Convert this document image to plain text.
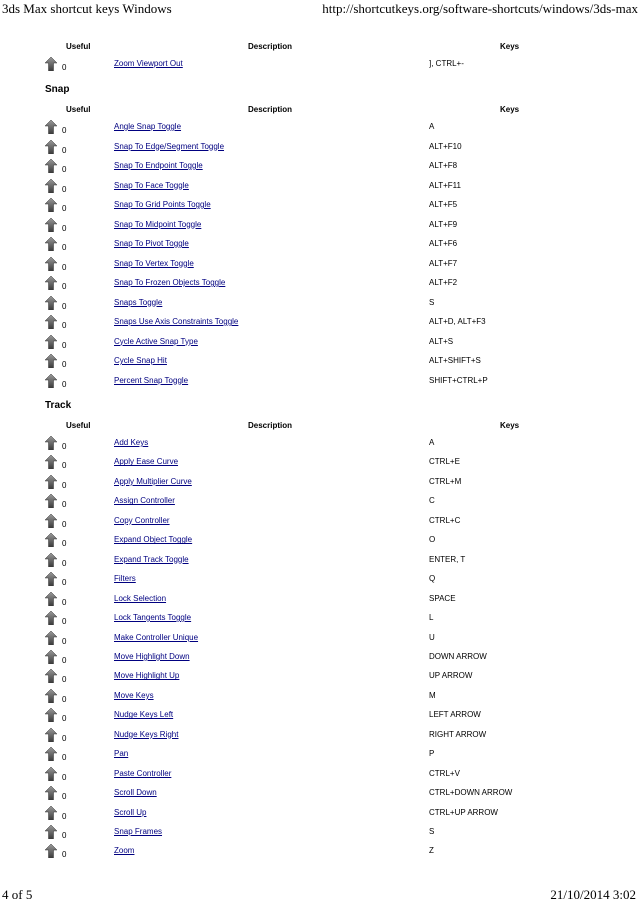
3ds Max shortcut keys Windows	http://shortcutkeys.org/software-shortcuts/windows/3ds-max
Useful	Description	Keys
0	Zoom Viewport Out	], CTRL+-
Snap
Useful	Description	Keys
0	Angle Snap Toggle	A
0	Snap To Edge/Segment Toggle	ALT+F10
0	Snap To Endpoint Toggle	ALT+F8
0	Snap To Face Toggle	ALT+F11
0	Snap To Grid Points Toggle	ALT+F5
0	Snap To Midpoint Toggle	ALT+F9
0	Snap To Pivot Toggle	ALT+F6
0	Snap To Vertex Toggle	ALT+F7
0	Snap To Frozen Objects Toggle	ALT+F2
0	Snaps Toggle	S
0	Snaps Use Axis Constraints Toggle	ALT+D, ALT+F3
0	Cycle Active Snap Type	ALT+S
0	Cycle Snap Hit	ALT+SHIFT+S
0	Percent Snap Toggle	SHIFT+CTRL+P
Track
Useful	Description	Keys
0	Add Keys	A
0	Apply Ease Curve	CTRL+E
0	Apply Multiplier Curve	CTRL+M
0	Assign Controller	C
0	Copy Controller	CTRL+C
0	Expand Object Toggle	O
0	Expand Track Toggle	ENTER, T
0	Filters	Q
0	Lock Selection	SPACE
0	Lock Tangents Toggle	L
0	Make Controller Unique	U
0	Move Highlight Down	DOWN ARROW
0	Move Highlight Up	UP ARROW
0	Move Keys	M
0	Nudge Keys Left	LEFT ARROW
0	Nudge Keys Right	RIGHT ARROW
0	Pan	P
0	Paste Controller	CTRL+V
0	Scroll Down	CTRL+DOWN ARROW
0	Scroll Up	CTRL+UP ARROW
0	Snap Frames	S
0	Zoom	Z
4 of 5	21/10/2014 3:02
